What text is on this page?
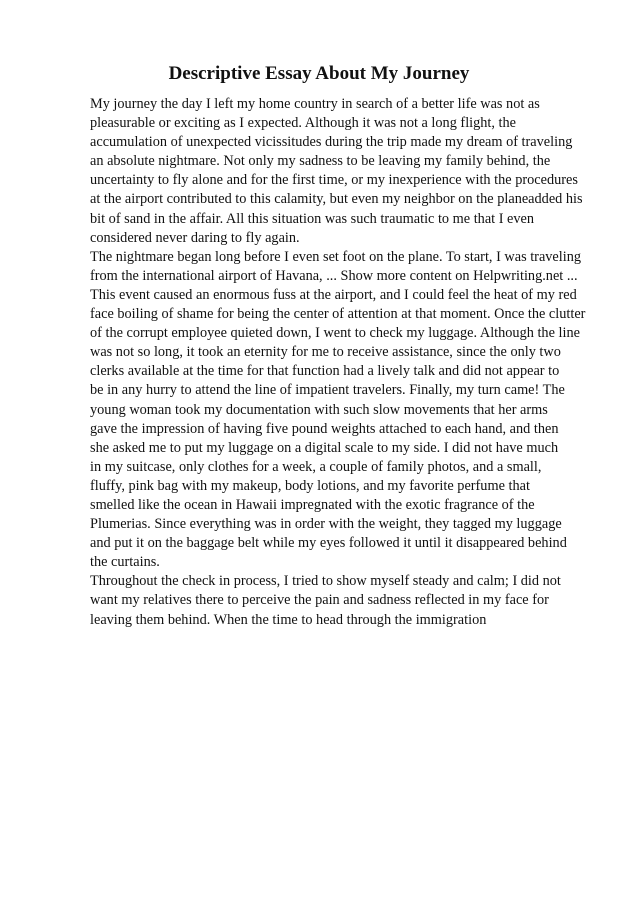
Descriptive Essay About My Journey
My journey the day I left my home country in search of a better life was not as
pleasurable or exciting as I expected. Although it was not a long flight, the
accumulation of unexpected vicissitudes during the trip made my dream of traveling
an absolute nightmare. Not only my sadness to be leaving my family behind, the
uncertainty to fly alone and for the first time, or my inexperience with the procedures
at the airport contributed to this calamity, but even my neighbor on the planeadded his
bit of sand in the affair. All this situation was such traumatic to me that I even
considered never daring to fly again.
The nightmare began long before I even set foot on the plane. To start, I was traveling
from the international airport of Havana, ... Show more content on Helpwriting.net ...
This event caused an enormous fuss at the airport, and I could feel the heat of my red
face boiling of shame for being the center of attention at that moment. Once the clutter
of the corrupt employee quieted down, I went to check my luggage. Although the line
was not so long, it took an eternity for me to receive assistance, since the only two
clerks available at the time for that function had a lively talk and did not appear to
be in any hurry to attend the line of impatient travelers. Finally, my turn came! The
young woman took my documentation with such slow movements that her arms
gave the impression of having five pound weights attached to each hand, and then
she asked me to put my luggage on a digital scale to my side. I did not have much
in my suitcase, only clothes for a week, a couple of family photos, and a small,
fluffy, pink bag with my makeup, body lotions, and my favorite perfume that
smelled like the ocean in Hawaii impregnated with the exotic fragrance of the
Plumerias. Since everything was in order with the weight, they tagged my luggage
and put it on the baggage belt while my eyes followed it until it disappeared behind
the curtains.
Throughout the check in process, I tried to show myself steady and calm; I did not
want my relatives there to perceive the pain and sadness reflected in my face for
leaving them behind. When the time to head through the immigration
